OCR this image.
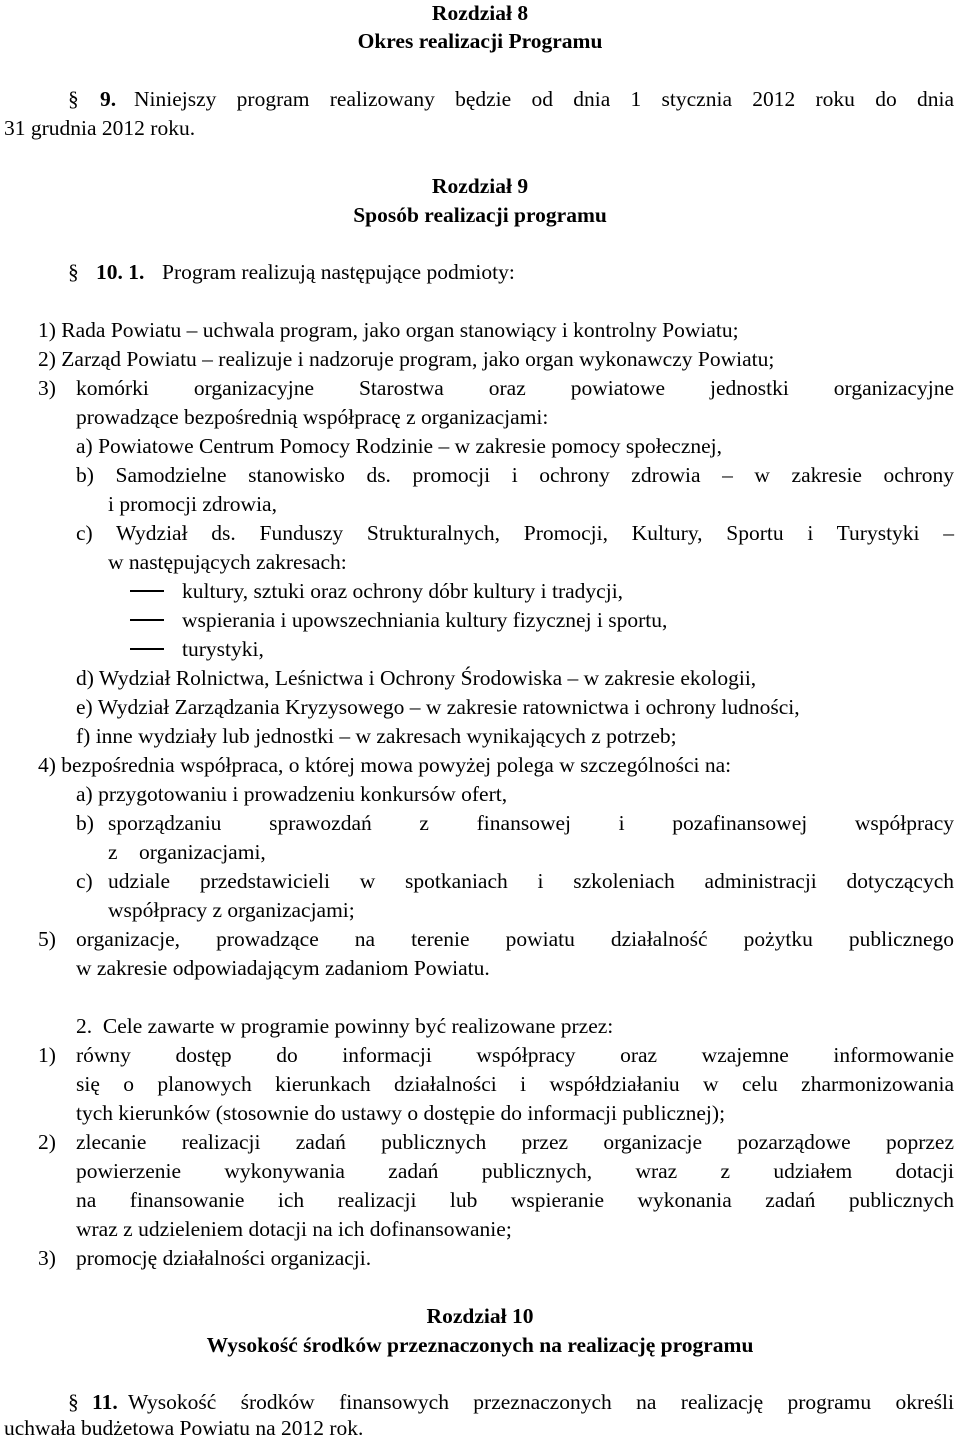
Rozdział 8
Okres realizacji Programu
§ 9. Niniejszy program realizowany będzie od dnia 1 stycznia 2012 roku do dnia
31 grudnia 2012 roku.
Rozdział 9
Sposób realizacji programu
§ 10. 1. Program realizują następujące podmioty:
1) Rada Powiatu – uchwala program, jako organ stanowiący i kontrolny Powiatu;
2) Zarząd Powiatu – realizuje i nadzoruje program, jako organ wykonawczy Powiatu;
3) komórki organizacyjne Starostwa oraz powiatowe jednostki organizacyjne
prowadzące bezpośrednią współpracę z organizacjami:
a) Powiatowe Centrum Pomocy Rodzinie – w zakresie pomocy społecznej,
b) Samodzielne stanowisko ds. promocji i ochrony zdrowia – w zakresie ochrony
i promocji zdrowia,
c) Wydział ds. Funduszy Strukturalnych, Promocji, Kultury, Sportu i Turystyki –
w następujących zakresach:
kultury, sztuki oraz ochrony dóbr kultury i tradycji,
wspierania i upowszechniania kultury fizycznej i sportu,
turystyki,
d) Wydział Rolnictwa, Leśnictwa i Ochrony Środowiska – w zakresie ekologii,
e) Wydział Zarządzania Kryzysowego – w zakresie ratownictwa i ochrony ludności,
f) inne wydziały lub jednostki – w zakresach wynikających z potrzeb;
4) bezpośrednia współpraca, o której mowa powyżej polega w szczególności na:
a) przygotowaniu i prowadzeniu konkursów ofert,
b) sporządzaniu sprawozdań z finansowej i pozafinansowej współpracy
z    organizacjami,
c) udziale przedstawicieli w spotkaniach i szkoleniach administracji dotyczących
współpracy z organizacjami;
5) organizacje, prowadzące na terenie powiatu działalność pożytku publicznego
w zakresie odpowiadającym zadaniom Powiatu.
2.  Cele zawarte w programie powinny być realizowane przez:
1) równy dostęp do informacji współpracy oraz wzajemne informowanie
się o planowych kierunkach działalności i współdziałaniu w celu zharmonizowania
tych kierunków (stosownie do ustawy o dostępie do informacji publicznej);
2) zlecanie realizacji zadań publicznych przez organizacje pozarządowe poprzez
powierzenie wykonywania zadań publicznych, wraz z udziałem dotacji
na finansowanie ich realizacji lub wspieranie wykonania zadań publicznych
wraz z udzieleniem dotacji na ich dofinansowanie;
3) promocję działalności organizacji.
Rozdział 10
Wysokość środków przeznaczonych na realizację programu
§ 11. Wysokość środków finansowych przeznaczonych na realizację programu określi
uchwała budżetowa Powiatu na 2012 rok.
